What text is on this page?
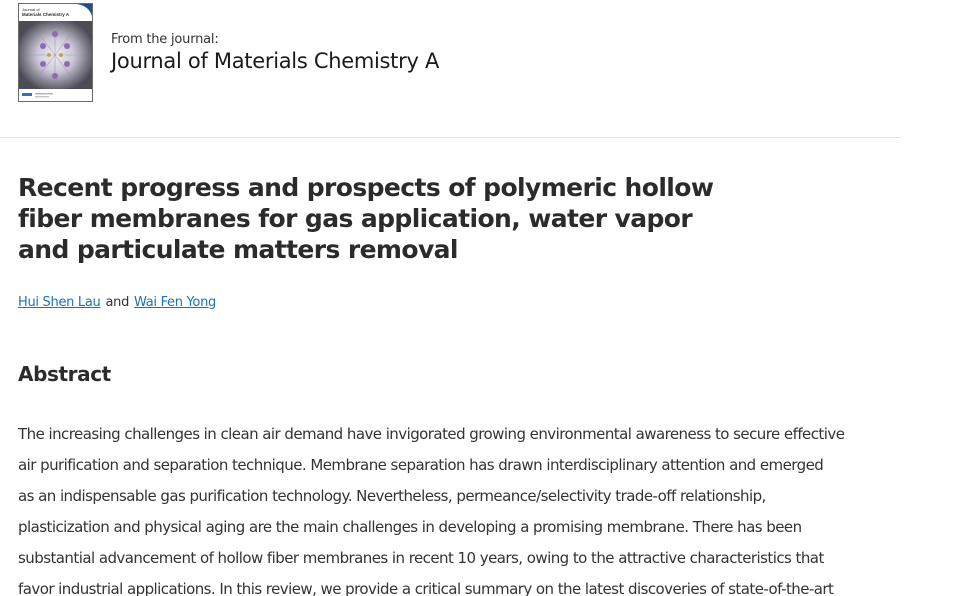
Journal of
Materials Chemistry A
From the journal:
Journal of Materials Chemistry A
Recent progress and prospects of polymeric hollow fiber membranes for gas application, water vapor and particulate matters removal
Hui Shen Lau and Wai Fen Yong
Abstract

The increasing challenges in clean air demand have invigorated growing environmental awareness to secure effective
air purification and separation technique. Membrane separation has drawn interdisciplinary attention and emerged
as an indispensable gas purification technology. Nevertheless, permeance/selectivity trade-off relationship,
plasticization and physical aging are the main challenges in developing a promising membrane. There has been
substantial advancement of hollow fiber membranes in recent 10 years, owing to the attractive characteristics that
favor industrial applications. In this review, we provide a critical summary on the latest discoveries of state-of-the-art
